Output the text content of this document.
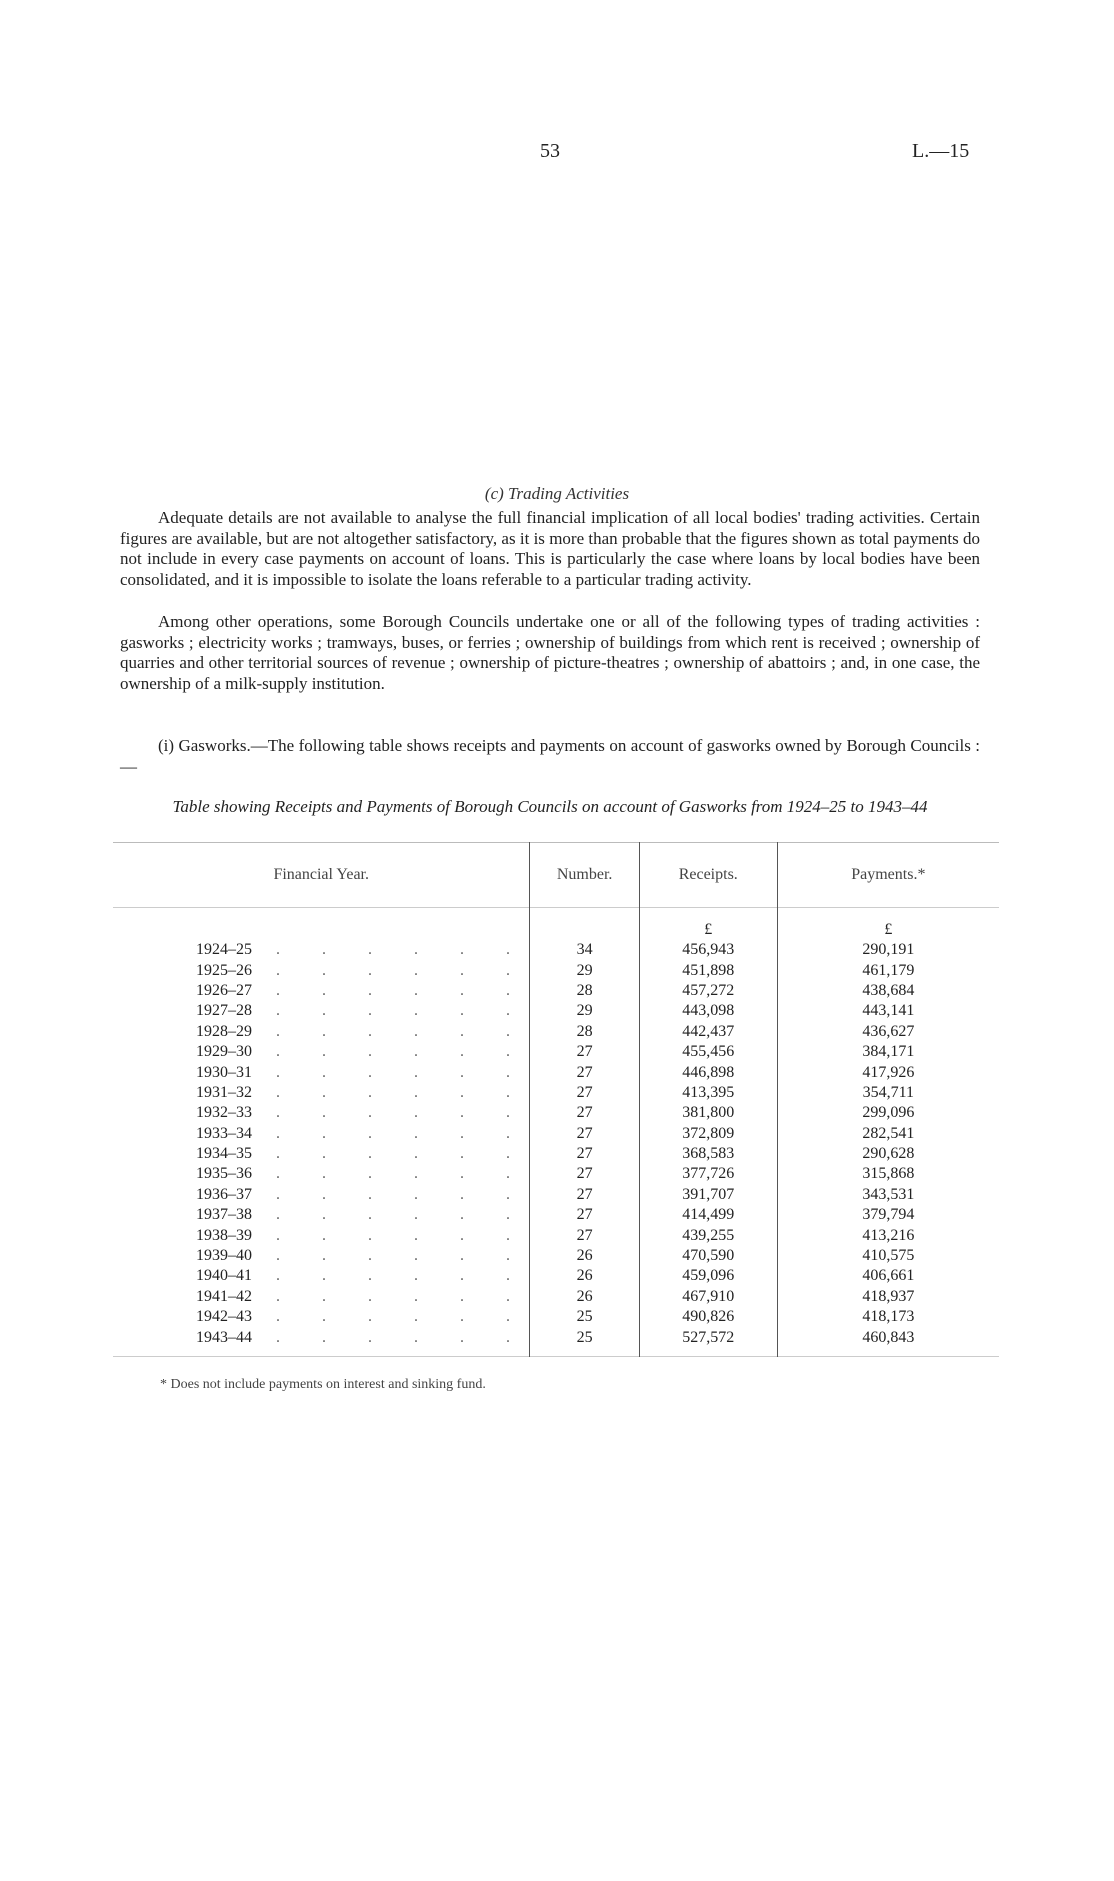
53	L.—15
(c) Trading Activities

Adequate details are not available to analyse the full financial implication of all local bodies' trading activities. Certain figures are available, but are not altogether satisfactory, as it is more than probable that the figures shown as total payments do not include in every case payments on account of loans. This is particularly the case where loans by local bodies have been consolidated, and it is impossible to isolate the loans referable to a particular trading activity.

Among other operations, some Borough Councils undertake one or all of the following types of trading activities : gasworks ; electricity works ; tramways, buses, or ferries ; ownership of buildings from which rent is received ; ownership of quarries and other territorial sources of revenue ; ownership of picture-theatres ; ownership of abattoirs ; and, in one case, the ownership of a milk-supply institution.

(i) Gasworks.—The following table shows receipts and payments on account of gasworks owned by Borough Councils :—

Table showing Receipts and Payments of Borough Councils on account of Gasworks from 1924–25 to 1943–44
Financial Year.	Number.	Receipts.	Payments.*
		£	£
1924–25 . . . . . .	34	456,943	290,191
1925–26 . . . . . .	29	451,898	461,179
1926–27 . . . . . .	28	457,272	438,684
1927–28 . . . . . .	29	443,098	443,141
1928–29 . . . . . .	28	442,437	436,627
1929–30 . . . . . .	27	455,456	384,171
1930–31 . . . . . .	27	446,898	417,926
1931–32 . . . . . .	27	413,395	354,711
1932–33 . . . . . .	27	381,800	299,096
1933–34 . . . . . .	27	372,809	282,541
1934–35 . . . . . .	27	368,583	290,628
1935–36 . . . . . .	27	377,726	315,868
1936–37 . . . . . .	27	391,707	343,531
1937–38 . . . . . .	27	414,499	379,794
1938–39 . . . . . .	27	439,255	413,216
1939–40 . . . . . .	26	470,590	410,575
1940–41 . . . . . .	26	459,096	406,661
1941–42 . . . . . .	26	467,910	418,937
1942–43 . . . . . .	25	490,826	418,173
1943–44 . . . . . .	25	527,572	460,843

* Does not include payments on interest and sinking fund.
